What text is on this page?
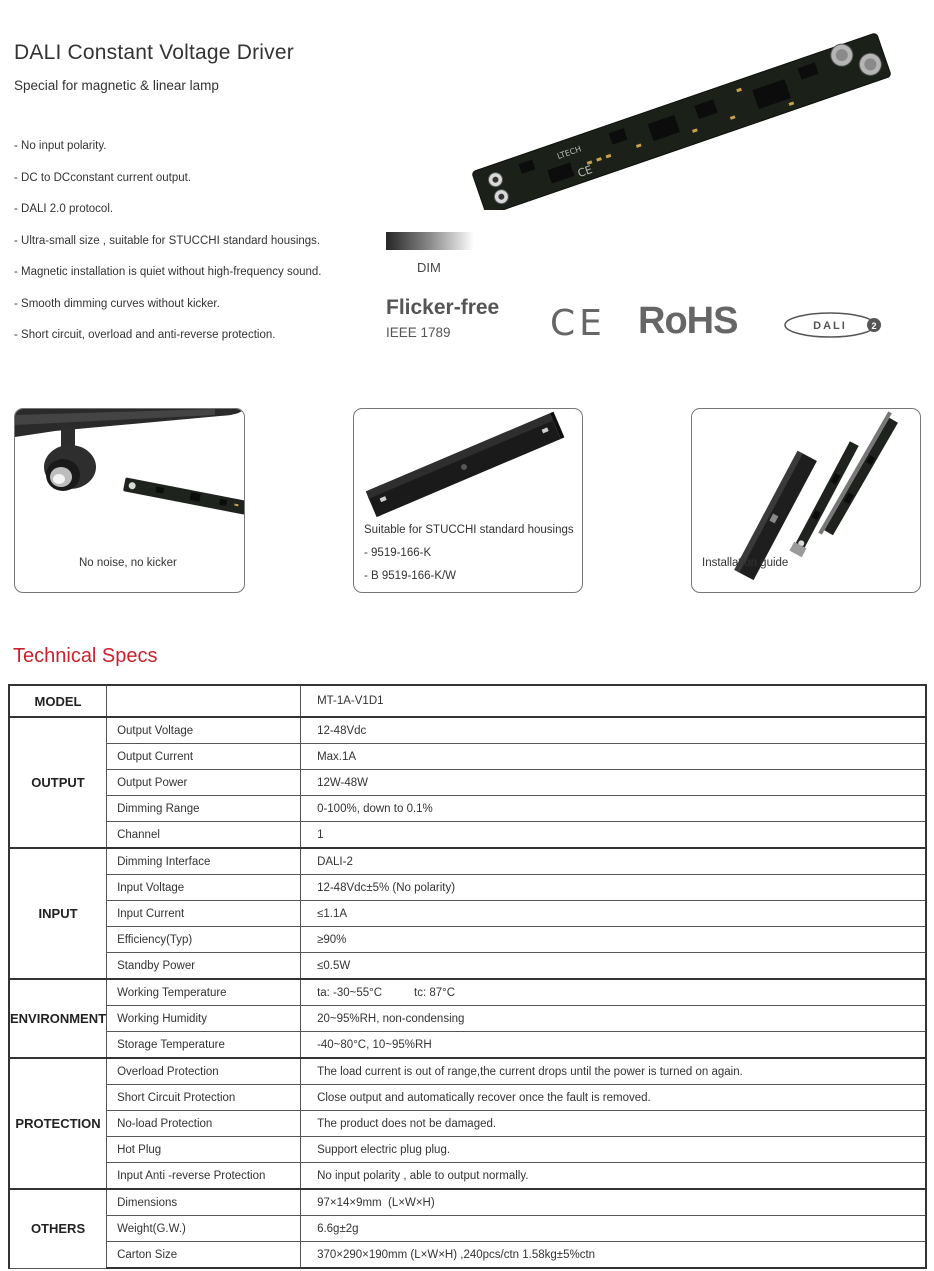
DALI Constant Voltage Driver
Special for magnetic & linear lamp
- No input polarity.
- DC to DCconstant current output.
- DALI 2.0 protocol.
- Ultra-small size , suitable for STUCCHI standard housings.
- Magnetic installation is quiet without high-frequency sound.
- Smooth dimming curves without kicker.
- Short circuit, overload and anti-reverse protection.
LTECH
CE
DIM
Flicker-free
IEEE 1789	CE RoHS	DALI	2
No noise, no kicker
Suitable for STUCCHI standard housings
- 9519-166-K
- B 9519-166-K/W
Installation guide
Technical Specs
MODEL		MT-1A-V1D1
OUTPUT	Output Voltage	12-48Vdc
	Output Current	Max.1A
	Output Power	12W-48W
	Dimming Range	0-100%, down to 0.1%
	Channel	1
INPUT	Dimming Interface	DALI-2
	Input Voltage	12-48Vdc±5% (No polarity)
	Input Current	≤1.1A
	Efficiency(Typ)	≥90%
	Standby Power	≤0.5W
ENVIRONMENT	Working Temperature	ta: -30~55°C          tc: 87°C
	Working Humidity	20~95%RH, non-condensing
	Storage Temperature	-40~80°C, 10~95%RH
PROTECTION	Overload Protection	The load current is out of range,the current drops until the power is turned on again.
	Short Circuit Protection	Close output and automatically recover once the fault is removed.
	No-load Protection	The product does not be damaged.
	Hot Plug	Support electric plug plug.
	Input Anti -reverse Protection	No input polarity , able to output normally.
OTHERS	Dimensions	97×14×9mm  (L×W×H)
	Weight(G.W.)	6.6g±2g
	Carton Size	370×290×190mm (L×W×H) ,240pcs/ctn 1.58kg±5%ctn
